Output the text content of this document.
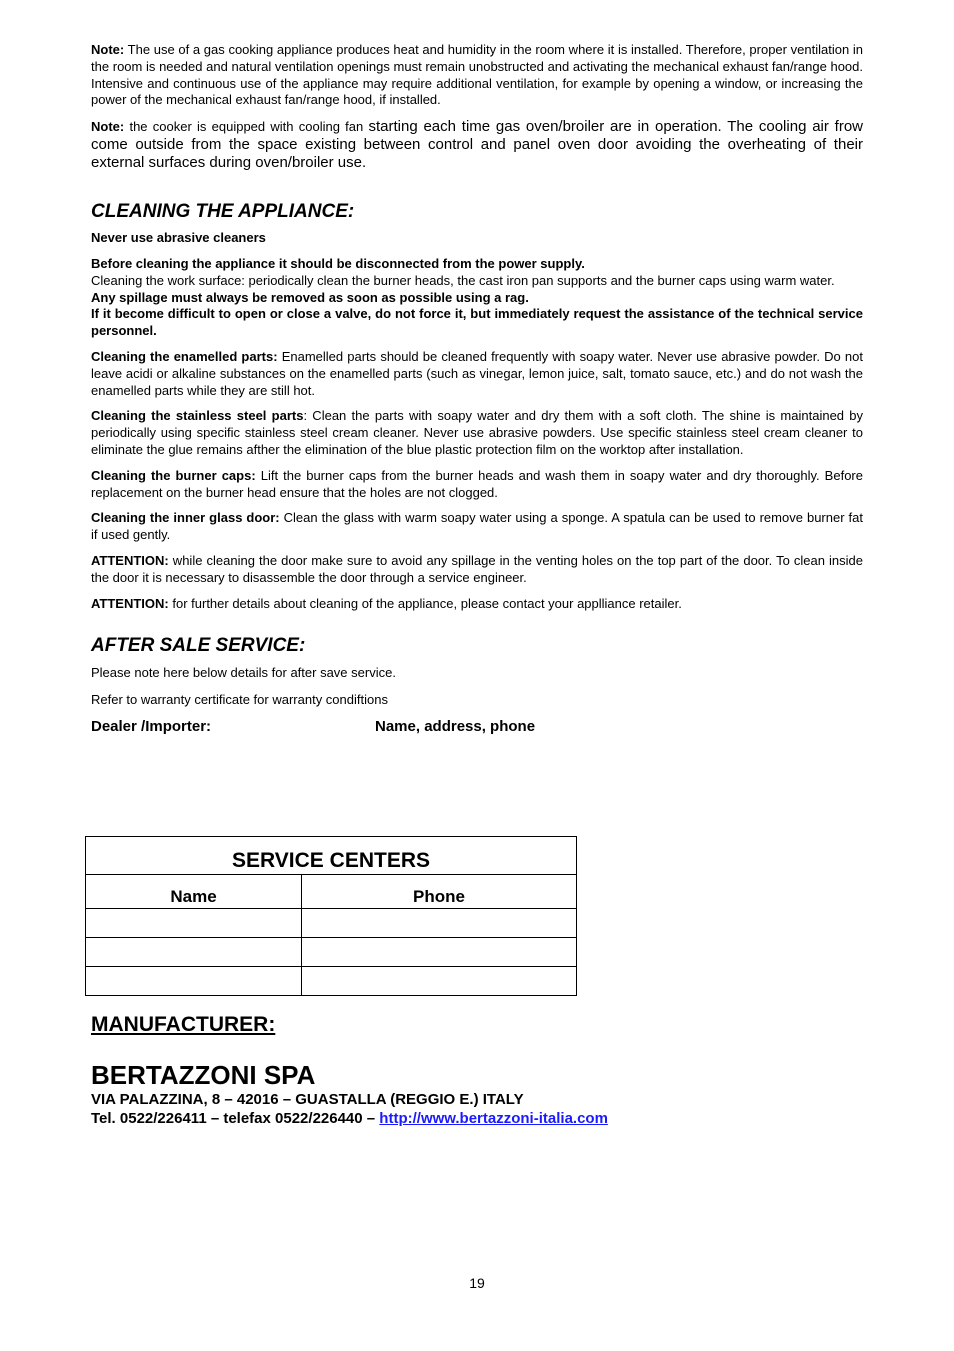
Note: The use of a gas cooking appliance produces heat and humidity in the room where it is installed. Therefore, proper ventilation in the room is needed and natural ventilation openings must remain unobstructed and activating the mechanical exhaust fan/range hood. Intensive and continuous use of the appliance may require additional ventilation, for example by opening a window, or increasing the power of the mechanical exhaust fan/range hood, if installed.

Note: the cooker is equipped with cooling fan starting each time gas oven/broiler are in operation. The cooling air frow come outside from the space existing between control and panel oven door avoiding the overheating of their external surfaces during oven/broiler use.

CLEANING THE APPLIANCE:

Never use abrasive cleaners

Before cleaning the appliance it should be disconnected from the power supply.

Cleaning the work surface: periodically clean the burner heads, the cast iron pan supports and the burner caps using warm water.

Any spillage must always be removed as soon as possible using a rag.

If it become difficult to open or close a valve, do not force it, but immediately request the assistance of the technical service personnel.

Cleaning the enamelled parts: Enamelled parts should be cleaned frequently with soapy water. Never use abrasive powder. Do not leave acidi or alkaline substances on the enamelled parts (such as vinegar, lemon juice, salt, tomato sauce, etc.) and do not wash the enamelled parts while they are still hot.

Cleaning the stainless steel parts: Clean the parts with soapy water and dry them with a soft cloth. The shine is maintained by periodically using specific stainless steel cream cleaner. Never use abrasive powders. Use specific stainless steel cream cleaner to eliminate the glue remains afther the elimination of the blue plastic protection film on the worktop after installation.

Cleaning the burner caps: Lift the burner caps from the burner heads and wash them in soapy water and dry thoroughly. Before replacement on the burner head ensure that the holes are not clogged.

Cleaning the inner glass door: Clean the glass with warm soapy water using a sponge. A spatula can be used to remove burner fat if used gently.

ATTENTION: while cleaning the door make sure to avoid any spillage in the venting holes on the top part of the door. To clean inside the door it is necessary to disassemble the door through a service engineer.

ATTENTION: for further details about cleaning of the appliance, please contact your applliance retailer.

AFTER SALE SERVICE:

Please note here below details for after save service.

Refer to warranty certificate for warranty condiftions

Dealer /Importer:	Name, address, phone
SERVICE CENTERS	
Name	Phone

MANUFACTURER:
BERTAZZONI SPA
VIA PALAZZINA, 8 – 42016 – GUASTALLA (REGGIO E.) ITALY
Tel. 0522/226411 – telefax 0522/226440 – http://www.bertazzoni-italia.com
19
